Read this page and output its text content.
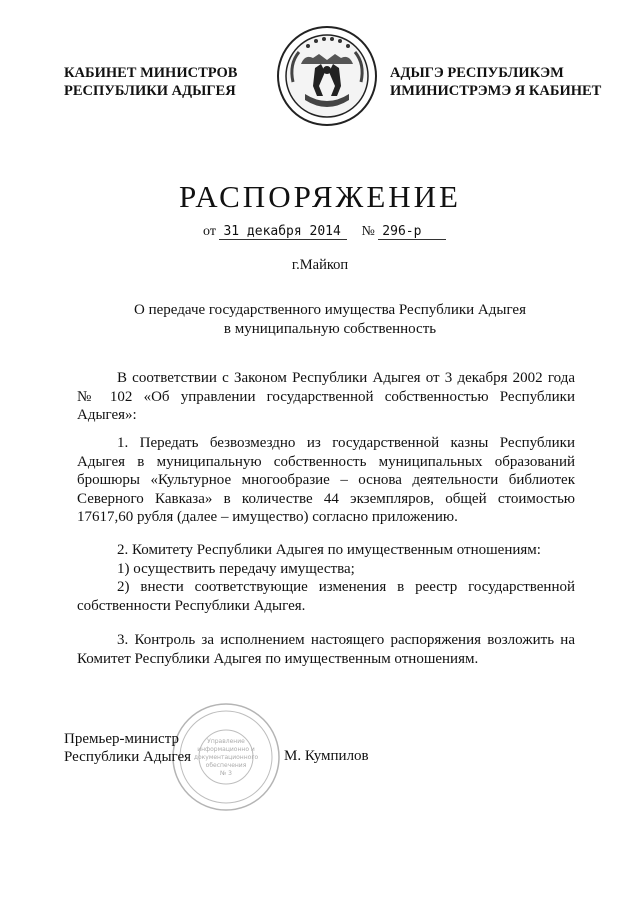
КАБИНЕТ МИНИСТРОВ
РЕСПУБЛИКИ АДЫГЕЯ
АДЫГЭ РЕСПУБЛИКЭМ
ИМИНИСТРЭМЭ Я КАБИНЕТ
РАСПОРЯЖЕНИЕ
от 31 декабря 2014 № 296-р
г.Майкоп
О передаче государственного имущества Республики Адыгея
в муниципальную собственность

В соответствии с Законом Республики Адыгея от 3 декабря 2002 года № 102 «Об управлении государственной собственностью Республики Адыгея»:

1. Передать безвозмездно из государственной казны Республики Адыгея в муниципальную собственность муниципальных образований брошюры «Культурное многообразие – основа деятельности библиотек Северного Кавказа» в количестве 44 экземпляров, общей стоимостью 17617,60 рубля (далее – имущество) согласно приложению.

2. Комитету Республики Адыгея по имущественным отношениям:

1) осуществить передачу имущества;

2) внести соответствующие изменения в реестр государственной собственности Республики Адыгея.

3. Контроль за исполнением настоящего распоряжения возложить на Комитет Республики Адыгея по имущественным отношениям.

Управление
информационно и
документационного
обеспечения
№ 3
Премьер-министр
Республики Адыгея	М. Кумпилов
